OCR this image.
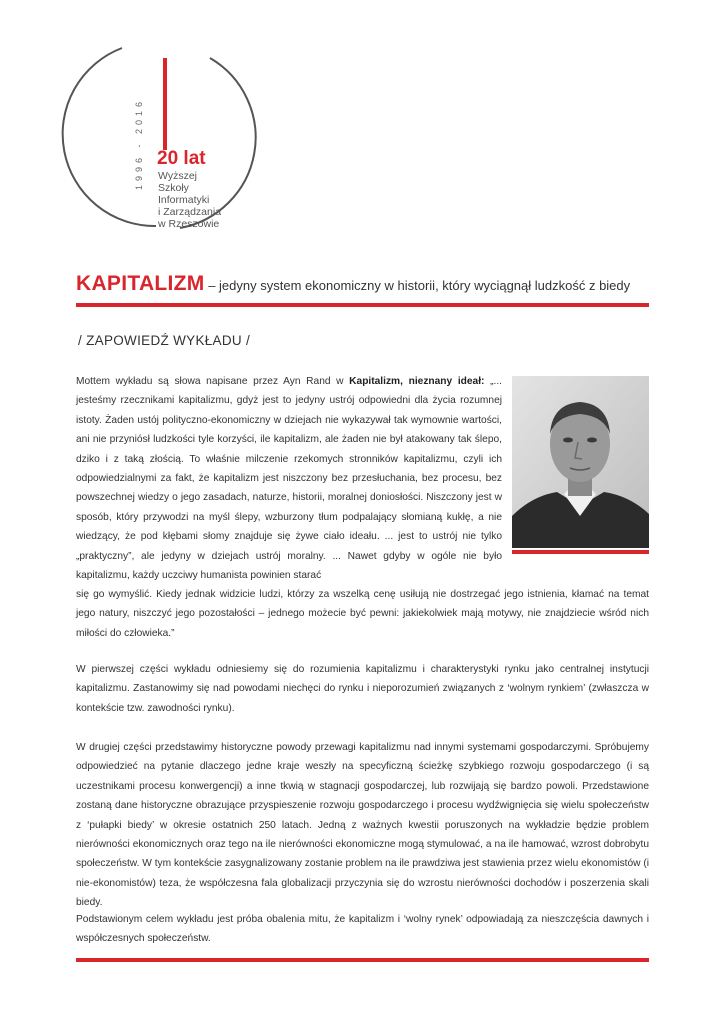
1996 - 2016 20 lat
Wyższej
Szkoły
Informatyki
i Zarządzania
w Rzeszowie
KAPITALIZM – jedyny system ekonomiczny w historii, który wyciągnął ludzkość z biedy
/ ZAPOWIEDŹ WYKŁADU /
Mottem wykładu są słowa napisane przez Ayn Rand w Kapitalizm, nieznany ideał: „... jesteśmy rzecznikami kapitalizmu, gdyż jest to jedyny ustrój odpowiedni dla życia rozumnej istoty. Żaden ustój polityczno-ekonomiczny w dziejach nie wykazywał tak wymownie wartości, ani nie przyniósł ludzkości tyle korzyści, ile kapitalizm, ale żaden nie był atakowany tak ślepo, dziko i z taką złością. To właśnie milczenie rzekomych stronników kapitalizmu, czyli ich odpowiedzialnymi za fakt, że kapitalizm jest niszczony bez przesłuchania, bez procesu, bez powszechnej wiedzy o jego zasadach, naturze, historii, moralnej doniosłości. Niszczony jest w sposób, który przywodzi na myśl ślepy, wzburzony tłum podpalający słomianą kukłę, a nie wiedzący, że pod kłębami słomy znajduje się żywe ciało ideału. ... jest to ustrój nie tylko „praktyczny”, ale jedyny w dziejach ustrój moralny. ... Nawet gdyby w ogóle nie było kapitalizmu, każdy uczciwy humanista powinien starać
się go wymyślić. Kiedy jednak widzicie ludzi, którzy za wszelką cenę usiłują nie dostrzegać jego istnienia, kłamać na temat jego natury, niszczyć jego pozostałości – jednego możecie być pewni: jakiekolwiek mają motywy, nie znajdziecie wśród nich miłości do człowieka.”
W pierwszej części wykładu odniesiemy się do rozumienia kapitalizmu i charakterystyki rynku jako centralnej instytucji kapitalizmu. Zastanowimy się nad powodami niechęci do rynku i nieporozumień związanych z ‘wolnym rynkiem’ (zwłaszcza w kontekście tzw. zawodności rynku).
W drugiej części przedstawimy historyczne powody przewagi kapitalizmu nad innymi systemami gospodarczymi. Spróbujemy odpowiedzieć na pytanie dlaczego jedne kraje weszły na specyficzną ścieżkę szybkiego rozwoju gospodarczego (i są uczestnikami procesu konwergencji) a inne tkwią w stagnacji gospodarczej, lub rozwijają się bardzo powoli. Przedstawione zostaną dane historyczne obrazujące przyspieszenie rozwoju gospodarczego i procesu wydźwignięcia się wielu społeczeństw z ‘pułapki biedy’ w okresie ostatnich 250 latach. Jedną z ważnych kwestii poruszonych na wykładzie będzie problem nierówności ekonomicznych oraz tego na ile nierówności ekonomiczne mogą stymulować, a na ile hamować, wzrost dobrobytu społeczeństw. W tym kontekście zasygnalizowany zostanie problem na ile prawdziwa jest stawienia przez wielu ekonomistów (i nie-ekonomistów) teza, że współczesna fala globalizacji przyczynia się do wzrostu nierówności dochodów i poszerzenia skali biedy.
Podstawionym celem wykładu jest próba obalenia mitu, że kapitalizm i ‘wolny rynek’ odpowiadają za nieszczęścia dawnych i współczesnych społeczeństw.
